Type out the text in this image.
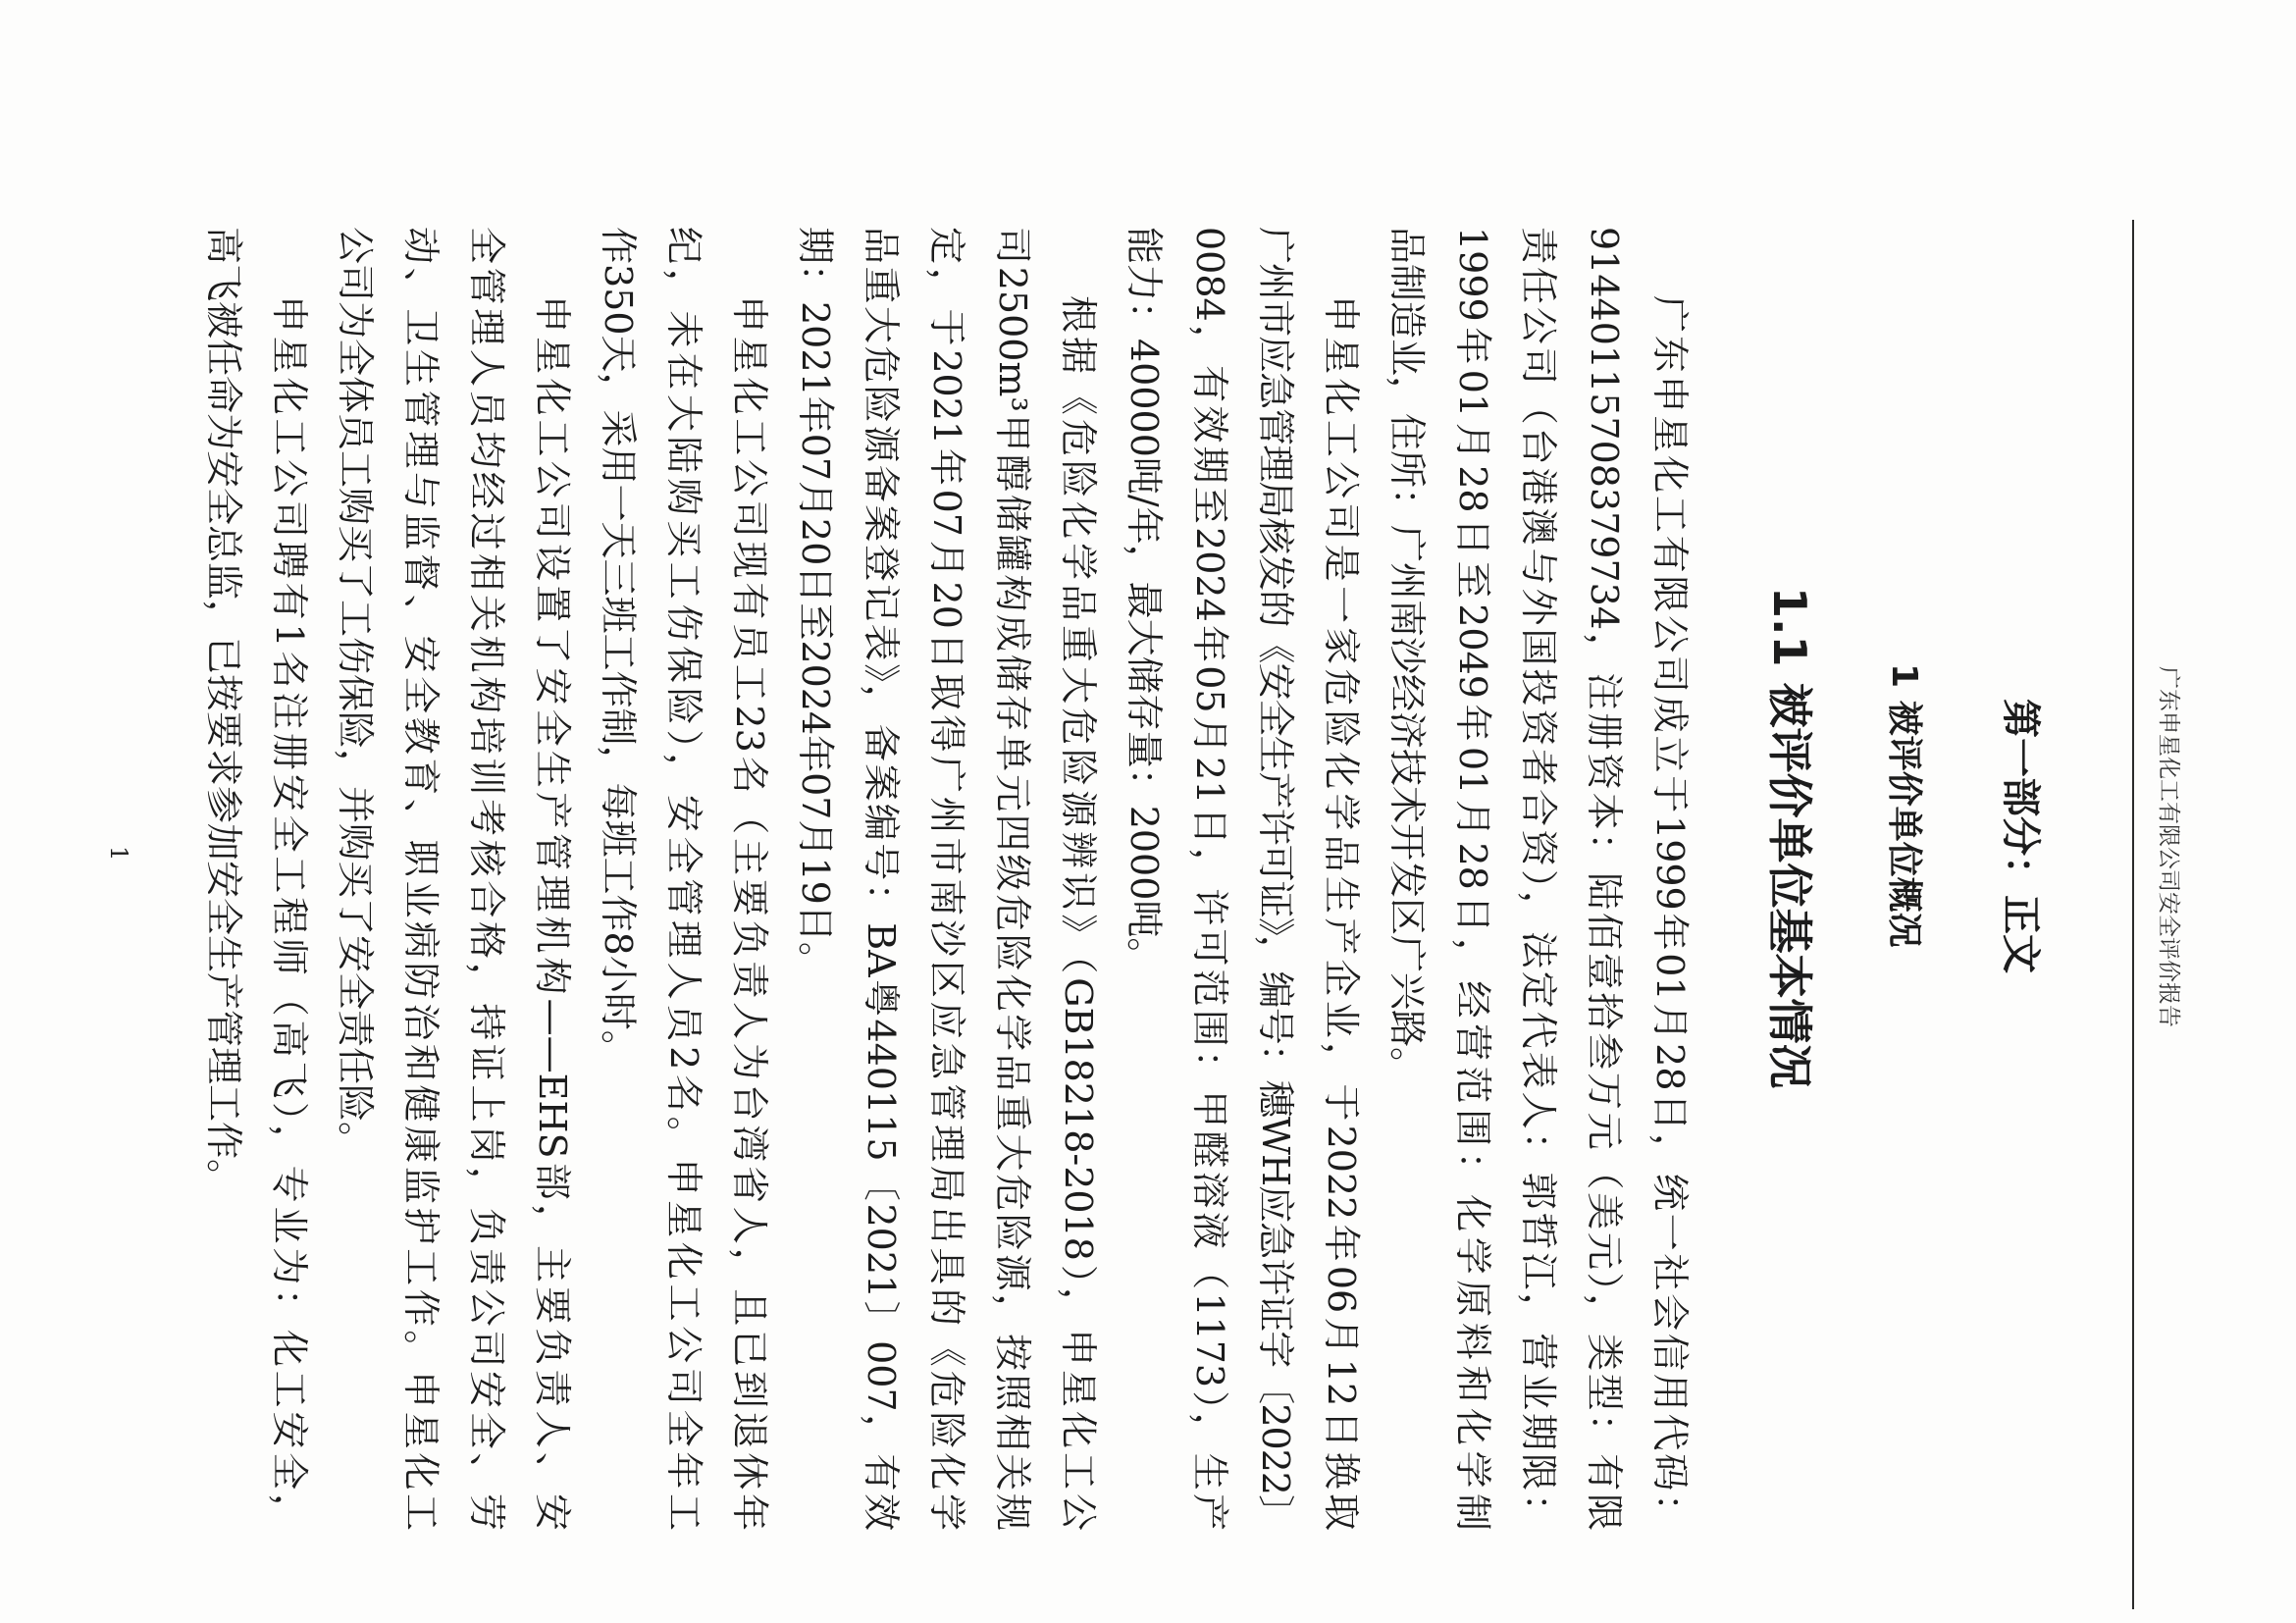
广东申星化工有限公司安全评价报告
第一部分：正文
1 被评价单位概况
1.1 被评价单位基本情况
广东申星化工有限公司成立于1999年01月28日，统一社会信用代码：
91440115708379734，注册资本：陆佰壹拾叁万元（美元），类型：有限
责任公司（台港澳与外国投资者合资），法定代表人：郭哲江，营业期限：
1999年01月28日至2049年01月28日，经营范围：化学原料和化学制
品制造业，住所：广州南沙经济技术开发区广兴路。
申星化工公司是一家危险化学品生产企业，于2022年06月12日换取
广州市应急管理局核发的《安全生产许可证》，编号：穗WH应急许证字〔2022〕
0084，有效期至2024年05月21日，许可范围：甲醛溶液（1173），生产
能力：40000吨/年，最大储存量：2000吨。
根据《危险化学品重大危险源辨识》（GB18218-2018），申星化工公
司2500m³甲醇储罐构成储存单元四级危险化学品重大危险源，按照相关规
定，于2021年07月20日取得广州市南沙区应急管理局出具的《危险化学
品重大危险源备案登记表》，备案编号：BA粤440115〔2021〕007，有效
期：2021年07月20日至2024年07月19日。
申星化工公司现有员工23名（主要负责人为台湾省人，且已到退休年
纪，未在大陆购买工伤保险），安全管理人员2名。申星化工公司全年工
作350天，采用一天三班工作制，每班工作8小时。
申星化工公司设置了安全生产管理机构——EHS部，主要负责人、安
全管理人员均经过相关机构培训考核合格，持证上岗，负责公司安全、劳
动、卫生管理与监督、安全教育、职业病防治和健康监护工作。申星化工
公司为全体员工购买了工伤保险，并购买了安全责任险。
申星化工公司聘有1名注册安全工程师（高飞），专业为：化工安全，
高飞被任命为安全总监，已按要求参加安全生产管理工作。
1
